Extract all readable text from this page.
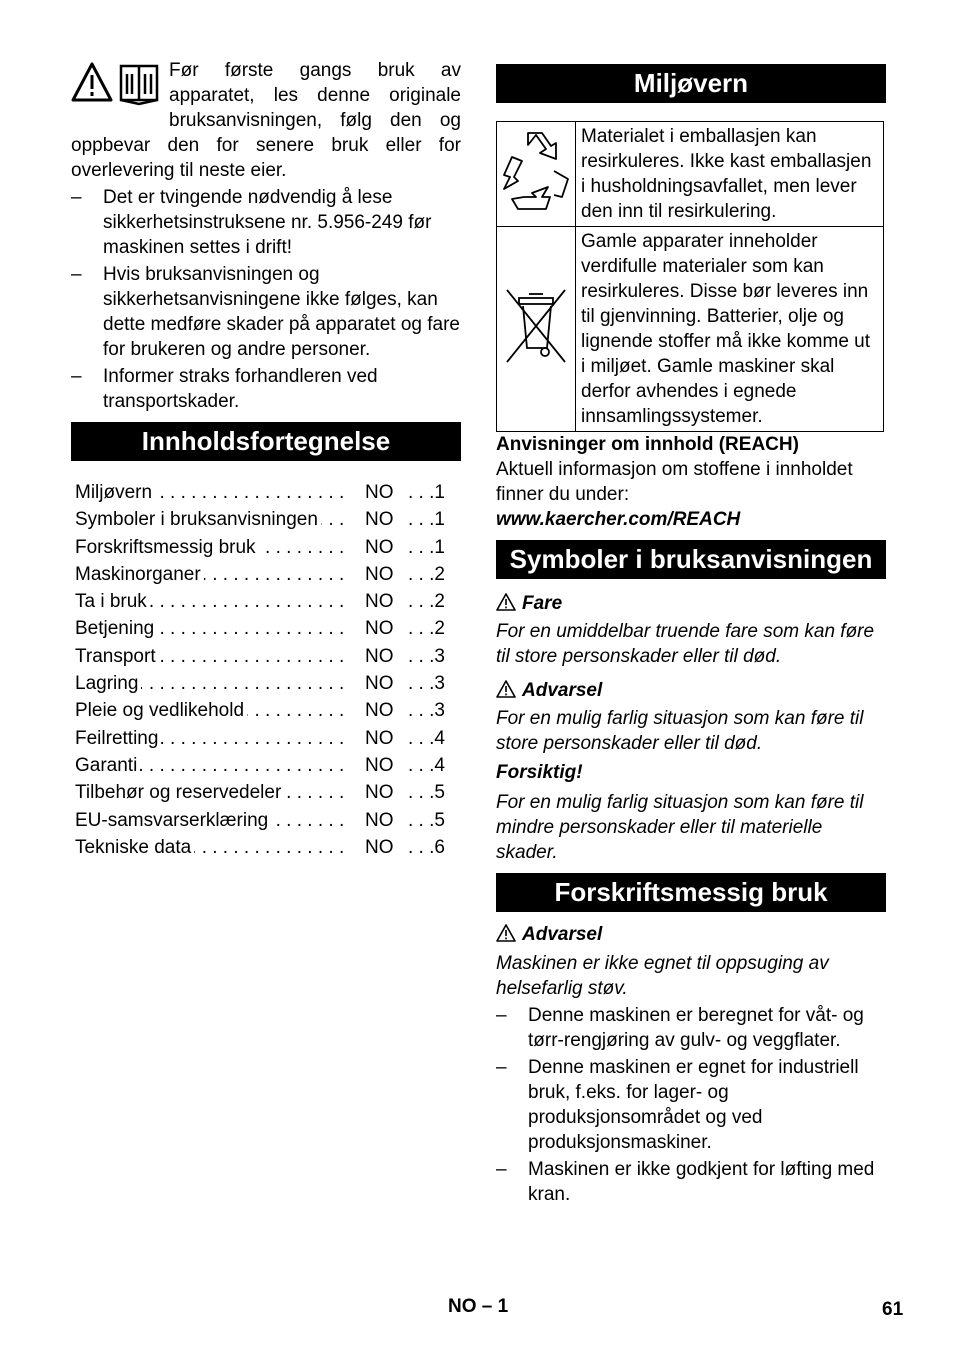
Før første gangs bruk av apparatet, les denne originale bruksanvisningen, følg den og oppbevar den for senere bruk eller for overlevering til neste eier.

– Det er tvingende nødvendig å lese sikkerhetsinstruksene nr. 5.956-249 før maskinen settes i drift!
– Hvis bruksanvisningen og sikkerhetsanvisningene ikke følges, kan dette medføre skader på apparatet og fare for brukeren og andre personer.
– Informer straks forhandleren ved transportskader.
Innholdsfortegnelse
Miljøvern . . .	NO . . .1
Symboler i bruksanvisningen . . .	NO . . .1
Forskriftsmessig bruk . . .	NO . . .1
Maskinorganer . . .	NO . . .2
Ta i bruk . . .	NO . . .2
Betjening . . .	NO . . .2
Transport . . .	NO . . .3
Lagring . . .	NO . . .3
Pleie og vedlikehold . . .	NO . . .3
Feilretting . . .	NO . . .4
Garanti . . .	NO . . .4
Tilbehør og reservedeler . . .	NO . . .5
EU-samsvarserklæring . . .	NO . . .5
Tekniske data . . .	NO . . .6
Miljøvern
	Materialet i emballasjen kan resirkuleres. Ikke kast emballasjen i husholdningsavfallet, men lever den inn til resirkulering.
	Gamle apparater inneholder verdifulle materialer som kan resirkuleres. Disse bør leveres inn til gjenvinning. Batterier, olje og lignende stoffer må ikke komme ut i miljøet. Gamle maskiner skal derfor avhendes i egnede innsamlingssystemer.

Anvisninger om innhold (REACH)

Aktuell informasjon om stoffene i innholdet finner du under:

www.kaercher.com/REACH

Symboler i bruksanvisningen

Fare

For en umiddelbar truende fare som kan føre til store personskader eller til død.

Advarsel

For en mulig farlig situasjon som kan føre til store personskader eller til død.

Forsiktig!

For en mulig farlig situasjon som kan føre til mindre personskader eller til materielle skader.

Forskriftsmessig bruk

Advarsel

Maskinen er ikke egnet til oppsuging av helsefarlig støv.

– Denne maskinen er beregnet for våt- og tørr-rengjøring av gulv- og veggflater.
– Denne maskinen er egnet for industriell bruk, f.eks. for lager- og produksjonsområdet og ved produksjonsmaskiner.
– Maskinen er ikke godkjent for løfting med kran.
NO – 1	61
